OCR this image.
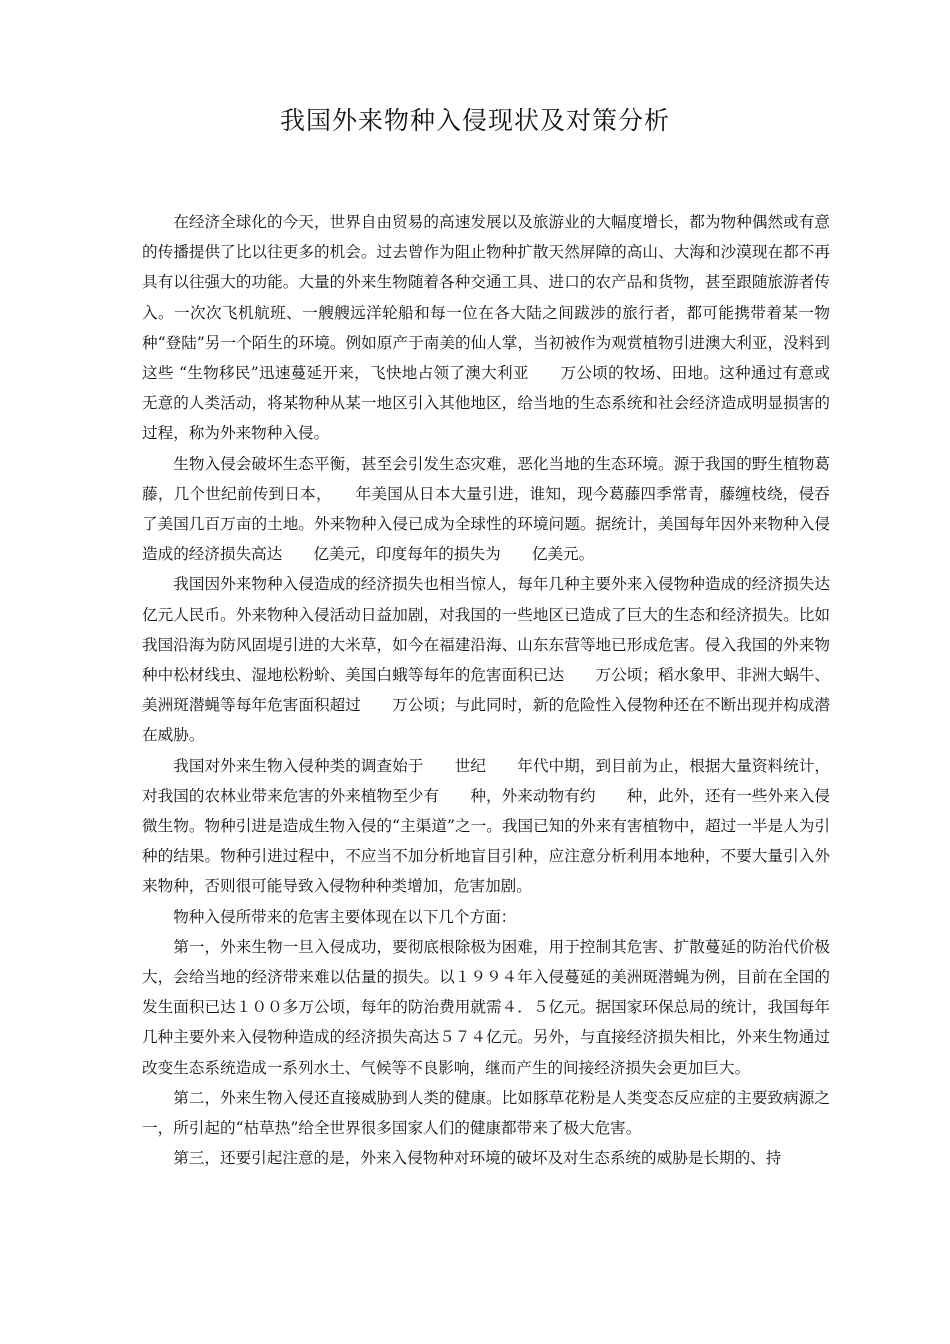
我国外来物种入侵现状及对策分析

在经济全球化的今天，世界自由贸易的高速发展以及旅游业的大幅度增长，都为物种偶然或有意的传播提供了比以往更多的机会。过去曾作为阻止物种扩散天然屏障的高山、大海和沙漠现在都不再具有以往强大的功能。大量的外来生物随着各种交通工具、进口的农产品和货物，甚至跟随旅游者传入。一次次飞机航班、一艘艘远洋轮船和每一位在各大陆之间跋涉的旅行者，都可能携带着某一物种“登陆”另一个陌生的环境。例如原产于南美的仙人掌，当初被作为观赏植物引进澳大利亚，没料到这些 “生物移民”迅速蔓延开来，飞快地占领了澳大利亚　　万公顷的牧场、田地。这种通过有意或无意的人类活动，将某物种从某一地区引入其他地区，给当地的生态系统和社会经济造成明显损害的过程，称为外来物种入侵。

生物入侵会破坏生态平衡，甚至会引发生态灾难，恶化当地的生态环境。源于我国的野生植物葛藤，几个世纪前传到日本，　　年美国从日本大量引进，谁知，现今葛藤四季常青，藤缠枝绕，侵吞了美国几百万亩的土地。外来物种入侵已成为全球性的环境问题。据统计，美国每年因外来物种入侵造成的经济损失高达　　亿美元，印度每年的损失为　　亿美元。

我国因外来物种入侵造成的经济损失也相当惊人，每年几种主要外来入侵物种造成的经济损失达　　亿元人民币。外来物种入侵活动日益加剧，对我国的一些地区已造成了巨大的生态和经济损失。比如我国沿海为防风固堤引进的大米草，如今在福建沿海、山东东营等地已形成危害。侵入我国的外来物种中松材线虫、湿地松粉蚧、美国白蛾等每年的危害面积已达　　万公顷；稻水象甲、非洲大蜗牛、美洲斑潜蝇等每年危害面积超过　　万公顷；与此同时，新的危险性入侵物种还在不断出现并构成潜在威胁。

我国对外来生物入侵种类的调查始于　　世纪　　年代中期，到目前为止，根据大量资料统计，对我国的农林业带来危害的外来植物至少有　　种，外来动物有约　　种，此外，还有一些外来入侵微生物。物种引进是造成生物入侵的“主渠道”之一。我国已知的外来有害植物中，超过一半是人为引种的结果。物种引进过程中，不应当不加分析地盲目引种，应注意分析利用本地种，不要大量引入外来物种，否则很可能导致入侵物种种类增加，危害加剧。

物种入侵所带来的危害主要体现在以下几个方面：

第一，外来生物一旦入侵成功，要彻底根除极为困难，用于控制其危害、扩散蔓延的防治代价极大，会给当地的经济带来难以估量的损失。以１９９４年入侵蔓延的美洲斑潜蝇为例，目前在全国的发生面积已达１００多万公顷，每年的防治费用就需４．５亿元。据国家环保总局的统计，我国每年几种主要外来入侵物种造成的经济损失高达５７４亿元。另外，与直接经济损失相比，外来生物通过改变生态系统造成一系列水土、气候等不良影响，继而产生的间接经济损失会更加巨大。

第二，外来生物入侵还直接威胁到人类的健康。比如豚草花粉是人类变态反应症的主要致病源之一，所引起的“枯草热”给全世界很多国家人们的健康都带来了极大危害。

第三，还要引起注意的是，外来入侵物种对环境的破坏及对生态系统的威胁是长期的、持
